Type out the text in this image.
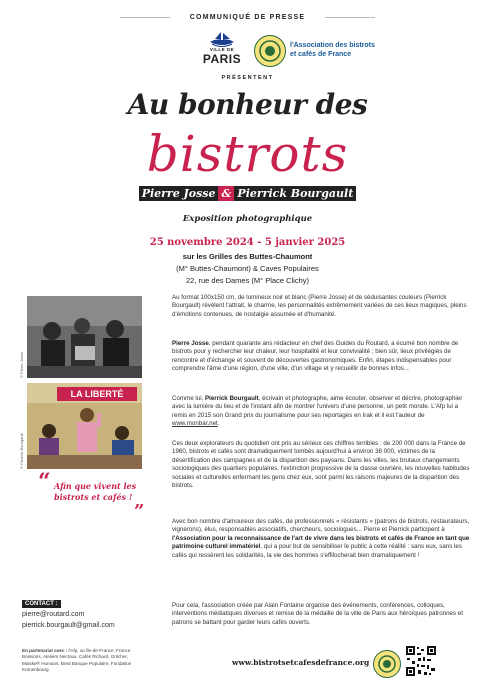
COMMUNIQUÉ DE PRESSE
VILLE DE
PARIS
l'Association des bistrots
et cafés de France
PRÉSENTENT
Au bonheur des
bistrots
Pierre Josse & Pierrick Bourgault
Exposition photographique
25 novembre 2024 - 5 janvier 2025
sur les Grilles des Buttes-Chaumont
(M° Buttes-Chaumont) & Caves Populaires
22, rue des Dames (M° Place Clichy)
© Pierre Josse
LA LIBERTÉ
© Pierrick Bourgault
“ Afin que vivent les bistrots et cafés !
”

Au format 100x150 cm, de lumineux noir et blanc (Pierre Josse) et de séduisantes couleurs (Pierrick Bourgault) révèlent l'attrait, le charme, les personnalités extrêmement variées de ces lieux magiques, pleins d'émotions contenues, de nostalgie assumée et d'humanité.

Pierre Josse, pendant quarante ans rédacteur en chef des Guides du Routard, a écumé bon nombre de bistrots pour y rechercher leur chaleur, leur hospitalité et leur convivialité ; bien sûr, lieux privilégiés de rencontre et d'échange et souvent de découvertes gastronomiques. Enfin, étapes indispensables pour comprendre l'âme d'une région, d'une ville, d'un village et y recueillir de bonnes infos...

Comme lui, Pierrick Bourgault, écrivain et photographe, aime écouter, observer et décrire, photographier avec la lumière du lieu et de l'instant afin de montrer l'univers d'une personne, un petit monde. L'Afp lui a remis en 2015 son Grand prix du journalisme pour ses reportages en Irak et il est l'auteur de www.monbar.net.

Ces deux explorateurs du quotidien ont pris au sérieux ces chiffres terribles : de 200 000 dans la France de 1960, bistrots et cafés sont dramatiquement tombés aujourd'hui à environ 38 000, victimes de la désertification des campagnes et de la disparition des paysans. Dans les villes, les brutaux changements sociologiques des quartiers populaires, l'extinction progressive de la classe ouvrière, les nouvelles habitudes sociales et culturelles enfermant les gens chez eux, sont parmi les raisons majeures de la disparition des bistrots.

Avec bon nombre d'amoureux des cafés, de professionnels « résistants » (patrons de bistrots, restaurateurs, vignerons), élus, responsables associatifs, chercheurs, sociologues... Pierre et Pierrick participent à l'Association pour la reconnaissance de l'art de vivre dans les bistrots et cafés de France en tant que patrimoine culturel immatériel, qui a pour but de sensibiliser le public à cette réalité : sans eux, sans les cafés qui ressèrent les solidarités, la vie des hommes s'effilocherait bien dramatiquement !

Pour cela, l'association créée par Alain Fontaine organise des événements, conférences, colloques, interventions médiatiques diverses et remise de la médaille de la ville de Paris aux héroïques patronnes et patrons se battant pour garder leurs cafés ouverts.

CONTACT :
pierre@routard.com
pierrick.bourgault@gmail.com
En partenariat avec : l'Afp, un Île-de-France, France Boissons, Ateliers Nectoux, Cafés Richard, Gritcher, Maiske® Humans, Bred Banque Populaire, Fondation Kronenbourg.
www.bistrotsetcafesdefrance.org
